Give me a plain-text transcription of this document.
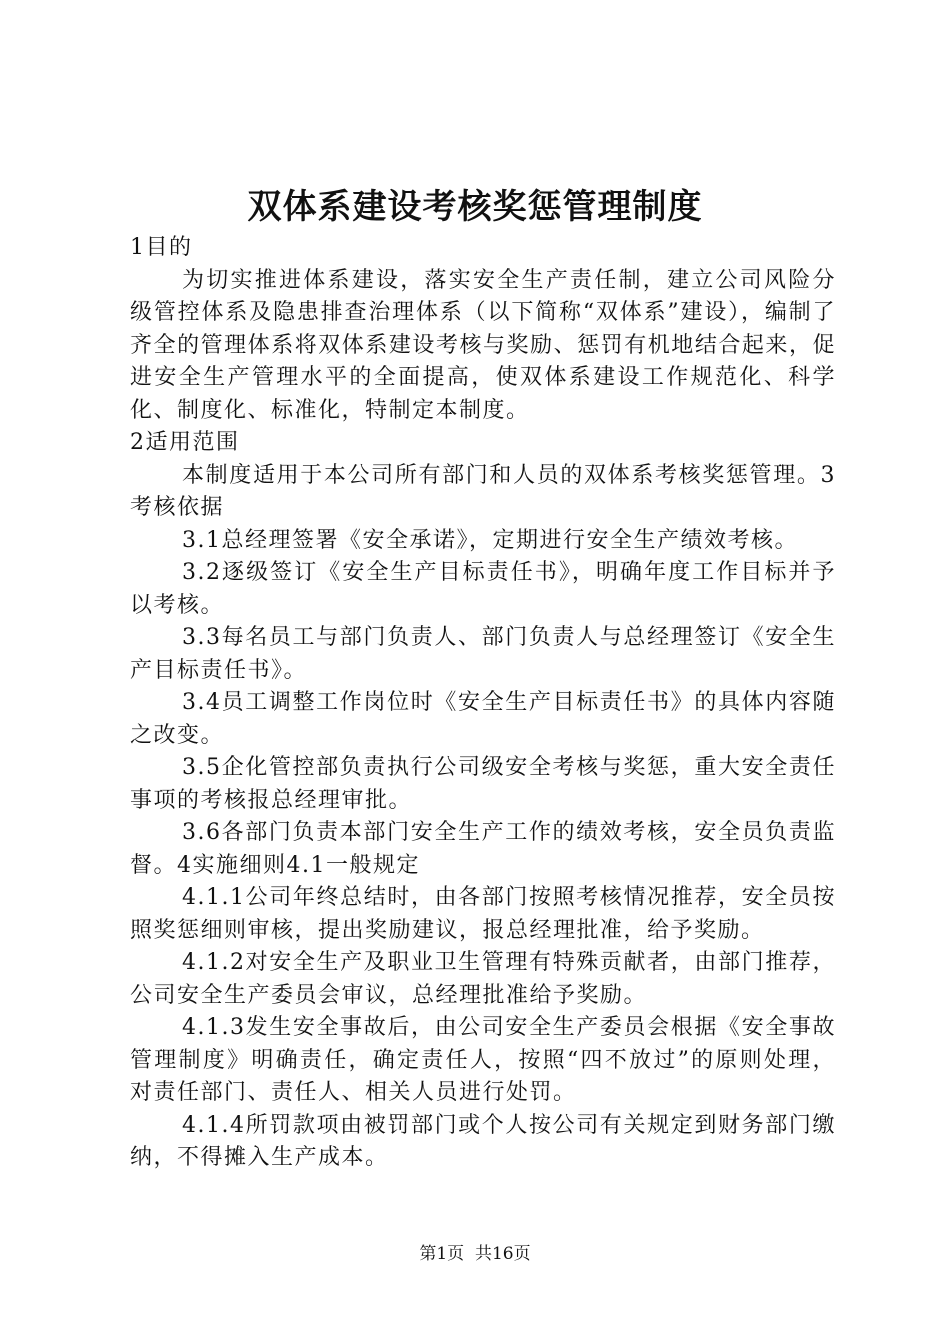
双体系建设考核奖惩管理制度

1目的

为切实推进体系建设，落实安全生产责任制，建立公司风险分级管控体系及隐患排查治理体系（以下简称“双体系”建设），编制了齐全的管理体系将双体系建设考核与奖励、惩罚有机地结合起来，促进安全生产管理水平的全面提高，使双体系建设工作规范化、科学化、制度化、标准化，特制定本制度。

2适用范围

本制度适用于本公司所有部门和人员的双体系考核奖惩管理。3考核依据

3.1总经理签署《安全承诺》，定期进行安全生产绩效考核。

3.2逐级签订《安全生产目标责任书》，明确年度工作目标并予以考核。

3.3每名员工与部门负责人、部门负责人与总经理签订《安全生产目标责任书》。

3.4员工调整工作岗位时《安全生产目标责任书》的具体内容随之改变。

3.5企化管控部负责执行公司级安全考核与奖惩，重大安全责任事项的考核报总经理审批。

3.6各部门负责本部门安全生产工作的绩效考核，安全员负责监督。4实施细则4.1一般规定

4.1.1公司年终总结时，由各部门按照考核情况推荐，安全员按照奖惩细则审核，提出奖励建议，报总经理批准，给予奖励。

4.1.2对安全生产及职业卫生管理有特殊贡献者，由部门推荐，公司安全生产委员会审议，总经理批准给予奖励。

4.1.3发生安全事故后，由公司安全生产委员会根据《安全事故管理制度》明确责任，确定责任人，按照“四不放过”的原则处理，对责任部门、责任人、相关人员进行处罚。

4.1.4所罚款项由被罚部门或个人按公司有关规定到财务部门缴纳，不得摊入生产成本。

第1页  共16页
